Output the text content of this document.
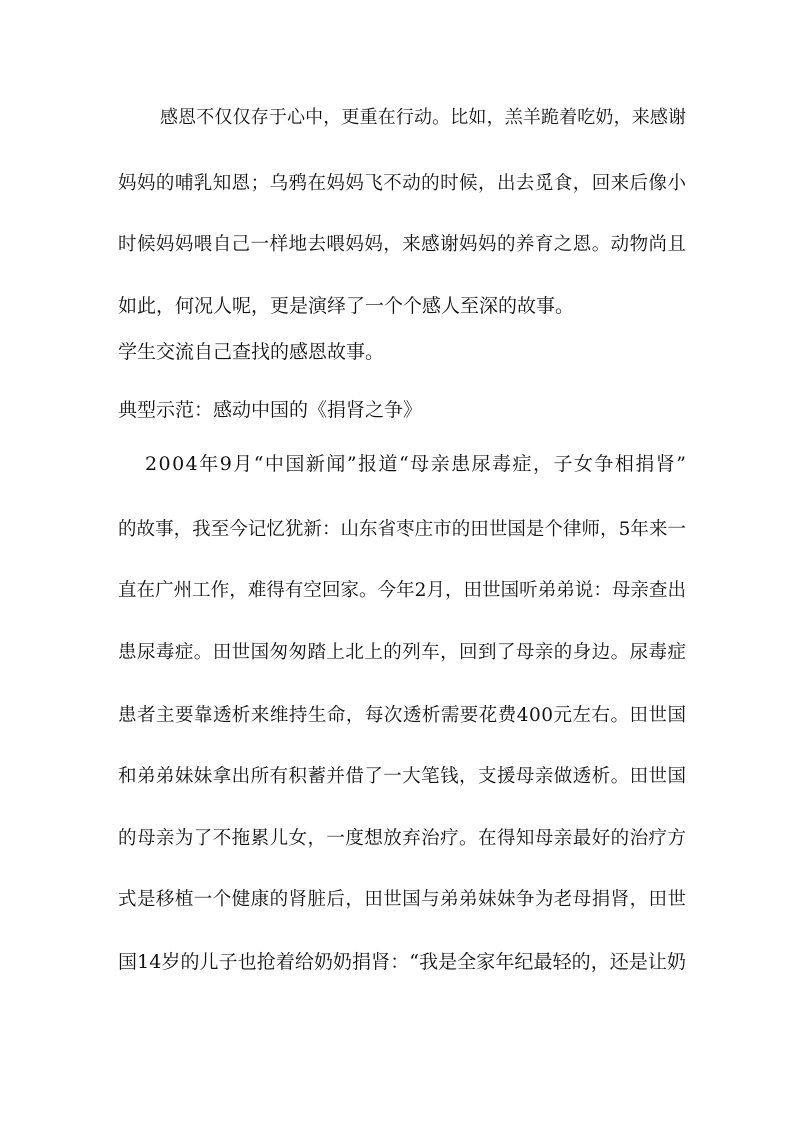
感恩不仅仅存于心中，更重在行动。比如，羔羊跪着吃奶，来感谢
妈妈的哺乳知恩；乌鸦在妈妈飞不动的时候，出去觅食，回来后像小
时候妈妈喂自己一样地去喂妈妈，来感谢妈妈的养育之恩。动物尚且
如此，何况人呢，更是演绎了一个个感人至深的故事。
学生交流自己查找的感恩故事。
典型示范：感动中国的《捐肾之争》
2004年9月“中国新闻”报道“母亲患尿毒症，子女争相捐肾”
的故事，我至今记忆犹新：山东省枣庄市的田世国是个律师，5年来一
直在广州工作，难得有空回家。今年2月，田世国听弟弟说：母亲查出
患尿毒症。田世国匆匆踏上北上的列车，回到了母亲的身边。尿毒症
患者主要靠透析来维持生命，每次透析需要花费400元左右。田世国
和弟弟妹妹拿出所有积蓄并借了一大笔钱，支援母亲做透析。田世国
的母亲为了不拖累儿女，一度想放弃治疗。在得知母亲最好的治疗方
式是移植一个健康的肾脏后，田世国与弟弟妹妹争为老母捐肾，田世
国14岁的儿子也抢着给奶奶捐肾：“我是全家年纪最轻的，还是让奶
